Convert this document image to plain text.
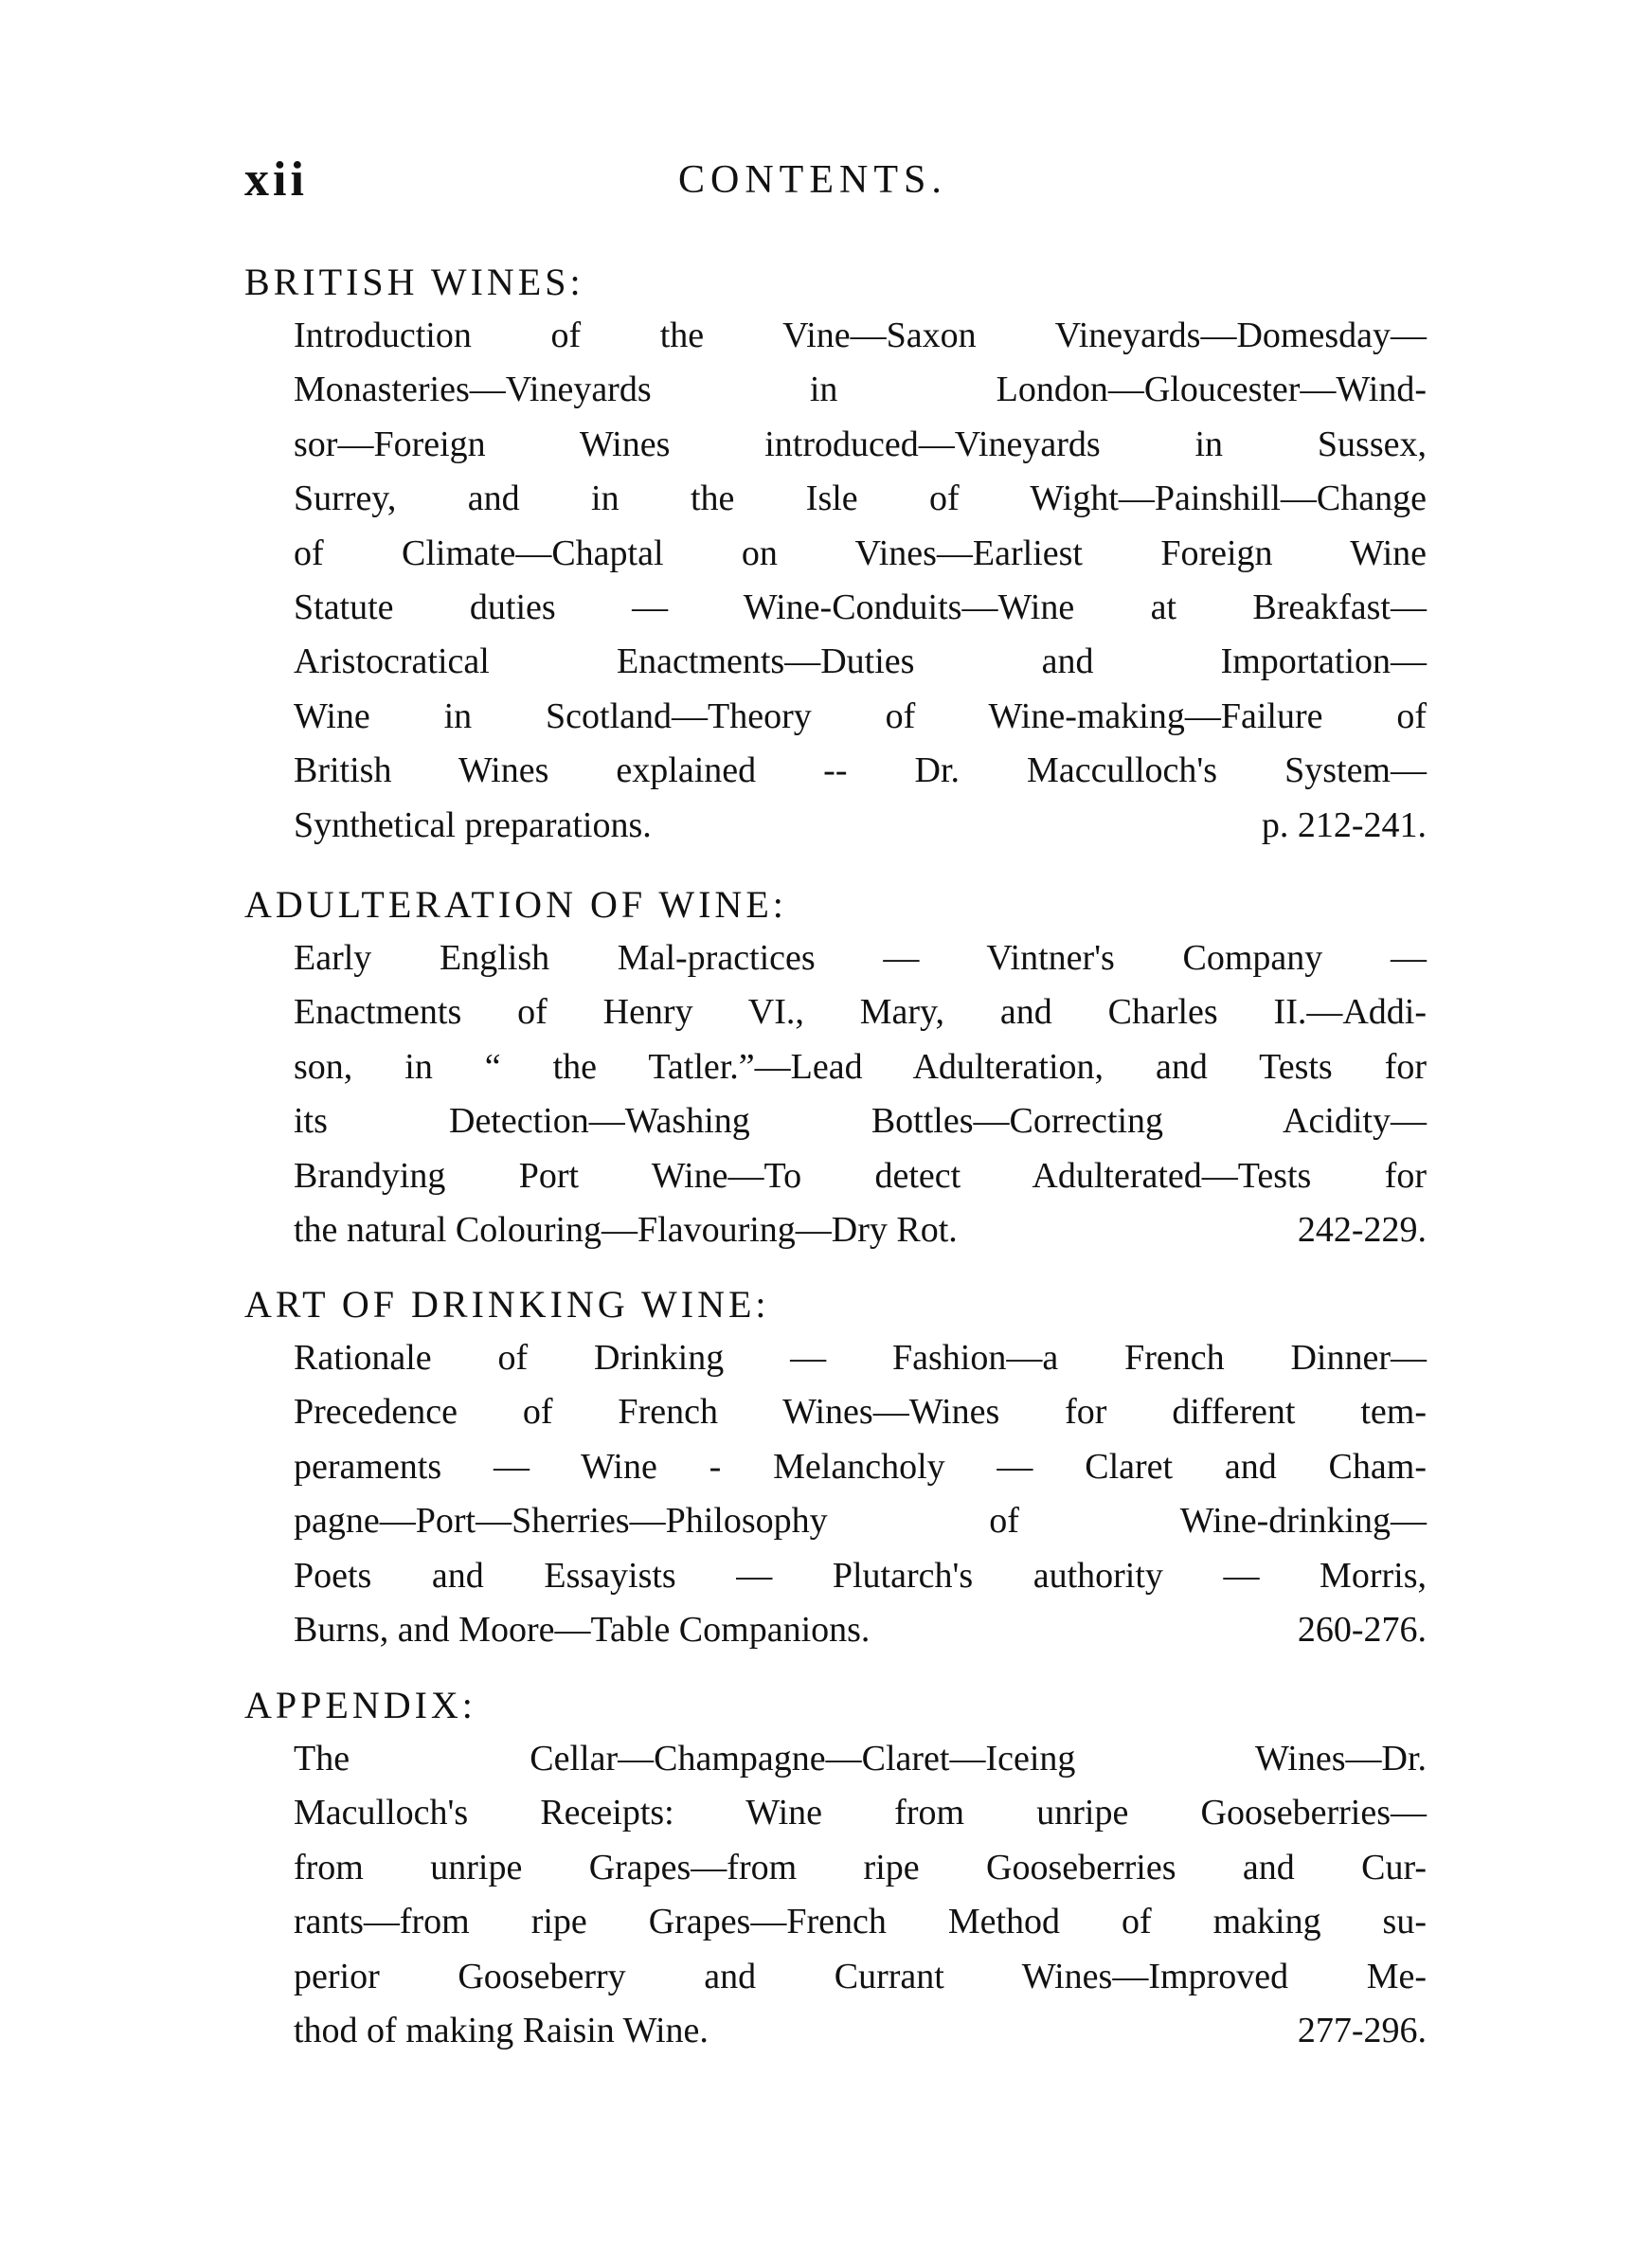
xii	CONTENTS.
BRITISH WINES:
Introduction of the Vine—Saxon Vineyards—Domesday—
Monasteries—Vineyards in London—Gloucester—Wind-
sor—Foreign Wines introduced—Vineyards in Sussex,
Surrey, and in the Isle of Wight—Painshill—Change
of Climate—Chaptal on Vines—Earliest Foreign Wine
Statute duties — Wine-Conduits—Wine at Breakfast—
Aristocratical Enactments—Duties and Importation—
Wine in Scotland—Theory of Wine-making—Failure of
British Wines explained -- Dr. Macculloch's System—
Synthetical preparations.	p. 212-241.
ADULTERATION OF WINE:
Early English Mal-practices — Vintner's Company —
Enactments of Henry VI., Mary, and Charles II.—Addi-
son, in “ the Tatler.”—Lead Adulteration, and Tests for
its Detection—Washing Bottles—Correcting Acidity—
Brandying Port Wine—To detect Adulterated—Tests for
the natural Colouring—Flavouring—Dry Rot.	242-229.
ART OF DRINKING WINE:
Rationale of Drinking — Fashion—a French Dinner—
Precedence of French Wines—Wines for different tem-
peraments — Wine - Melancholy — Claret and Cham-
pagne—Port—Sherries—Philosophy of Wine-drinking—
Poets and Essayists — Plutarch's authority — Morris,
Burns, and Moore—Table Companions.	260-276.
APPENDIX:
The Cellar—Champagne—Claret—Iceing Wines—Dr.
Maculloch's Receipts: Wine from unripe Gooseberries—
from unripe Grapes—from ripe Gooseberries and Cur-
rants—from ripe Grapes—French Method of making su-
perior Gooseberry and Currant Wines—Improved Me-
thod of making Raisin Wine.	277-296.
